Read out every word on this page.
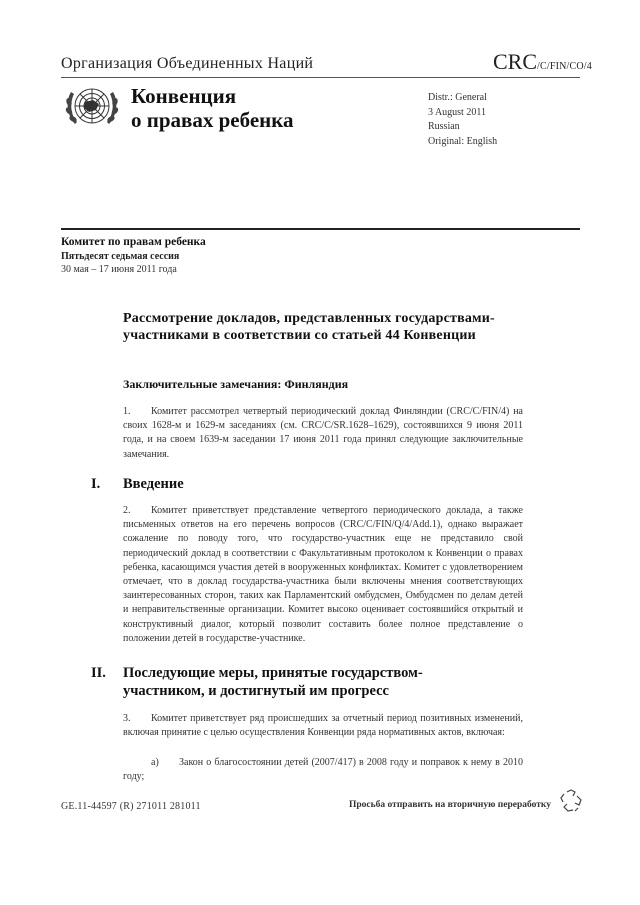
Организация Объединенных Наций	CRC/C/FIN/CO/4
Конвенция
о правах ребенка
Distr.: General
3 August 2011
Russian
Original: English
Комитет по правам ребенка
Пятьдесят седьмая сессия
30 мая – 17 июня 2011 года
Рассмотрение докладов, представленных государствами-участниками в соответствии со статьей 44 Конвенции
Заключительные замечания: Финляндия
1. Комитет рассмотрел четвертый периодический доклад Финляндии (CRC/C/FIN/4) на своих 1628-м и 1629-м заседаниях (см. CRC/C/SR.1628–1629), состоявшихся 9 июня 2011 года, и на своем 1639-м заседании 17 июня 2011 года принял следующие заключительные замечания.
I. Введение
2. Комитет приветствует представление четвертого периодического доклада, а также письменных ответов на его перечень вопросов (CRC/C/FIN/Q/4/Add.1), однако выражает сожаление по поводу того, что государство-участник еще не представило свой периодический доклад в соответствии с Факультативным протоколом к Конвенции о правах ребенка, касающимся участия детей в вооруженных конфликтах. Комитет с удовлетворением отмечает, что в доклад государства-участника были включены мнения соответствующих заинтересованных сторон, таких как Парламентский омбудсмен, Омбудсмен по делам детей и неправительственные организации. Комитет высоко оценивает состоявшийся открытый и конструктивный диалог, который позволит составить более полное представление о положении детей в государстве-участнике.
II. Последующие меры, принятые государством-участником, и достигнутый им прогресс
3. Комитет приветствует ряд происшедших за отчетный период позитивных изменений, включая принятие с целью осуществления Конвенции ряда нормативных актов, включая:
a) Закон о благосостоянии детей (2007/417) в 2008 году и поправок к нему в 2010 году;
GE.11-44597 (R) 271011 281011	Просьба отправить на вторичную переработку
